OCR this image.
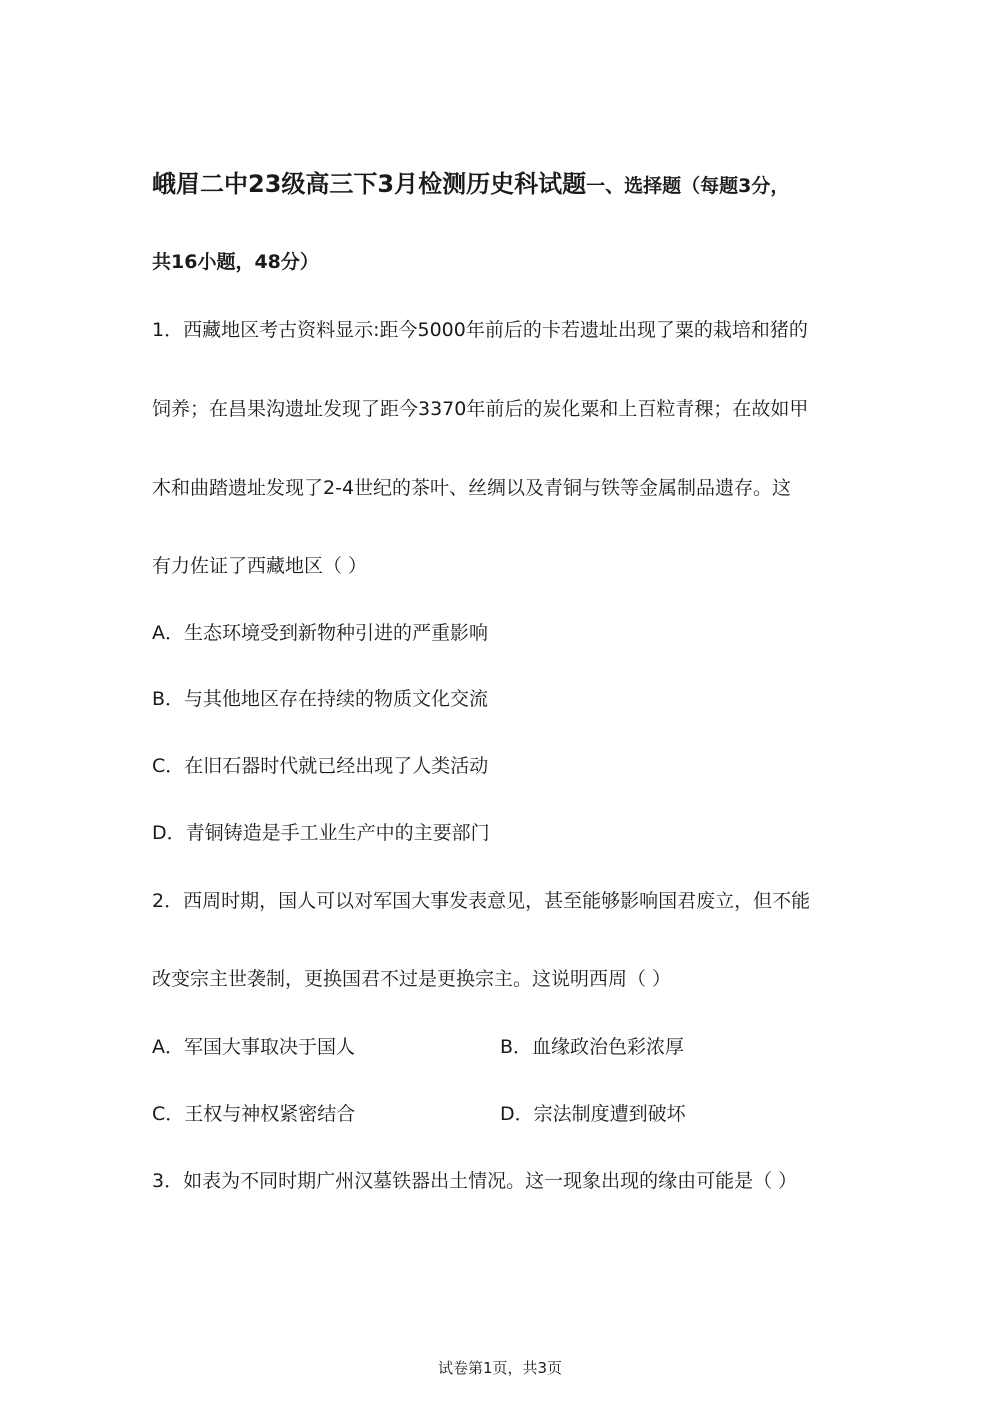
峨眉二中23级高三下3月检测历史科试题一、选择题（每题3分，
共16小题，48分）
1．西藏地区考古资料显示:距今5000年前后的卡若遗址出现了粟的栽培和猪的
饲养；在昌果沟遗址发现了距今3370年前后的炭化粟和上百粒青稞；在故如甲
木和曲踏遗址发现了2-4世纪的茶叶、丝绸以及青铜与铁等金属制品遗存。这
有力佐证了西藏地区（ ）
A．生态环境受到新物种引进的严重影响
B．与其他地区存在持续的物质文化交流
C．在旧石器时代就已经出现了人类活动
D．青铜铸造是手工业生产中的主要部门
2．西周时期，国人可以对军国大事发表意见，甚至能够影响国君废立，但不能
改变宗主世袭制，更换国君不过是更换宗主。这说明西周（ ）
A．军国大事取决于国人	B．血缘政治色彩浓厚
C．王权与神权紧密结合	D．宗法制度遭到破坏
3．如表为不同时期广州汉墓铁器出土情况。这一现象出现的缘由可能是（ ）
试卷第1页，共3页
